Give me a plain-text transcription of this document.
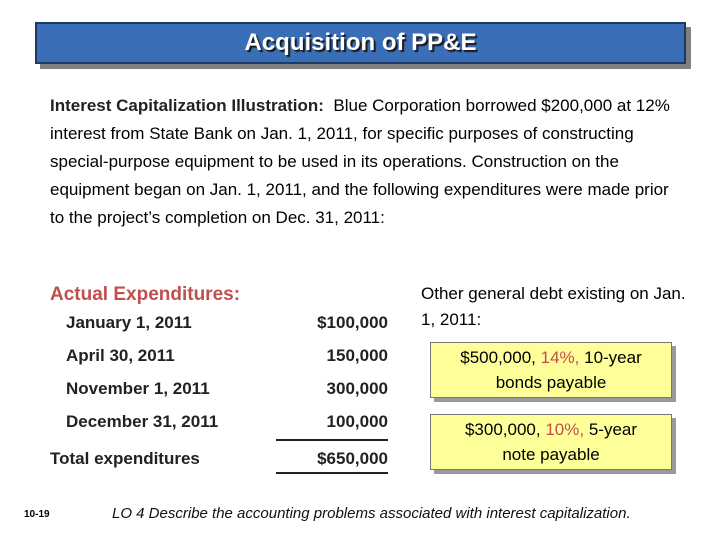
Acquisition of PP&E
Interest Capitalization Illustration: Blue Corporation borrowed $200,000 at 12% interest from State Bank on Jan. 1, 2011, for specific purposes of constructing special-purpose equipment to be used in its operations. Construction on the equipment began on Jan. 1, 2011, and the following expenditures were made prior to the project’s completion on Dec. 31, 2011:
Actual Expenditures:
January 1, 2011	$100,000
April 30, 2011	150,000
November 1, 2011	300,000
December 31, 2011	100,000
Total expenditures	$650,000
Other general debt existing on Jan. 1, 2011:
$500,000, 14%, 10-year
bonds payable
$300,000, 10%, 5-year
note payable
10-19	LO 4 Describe the accounting problems associated with interest capitalization.
